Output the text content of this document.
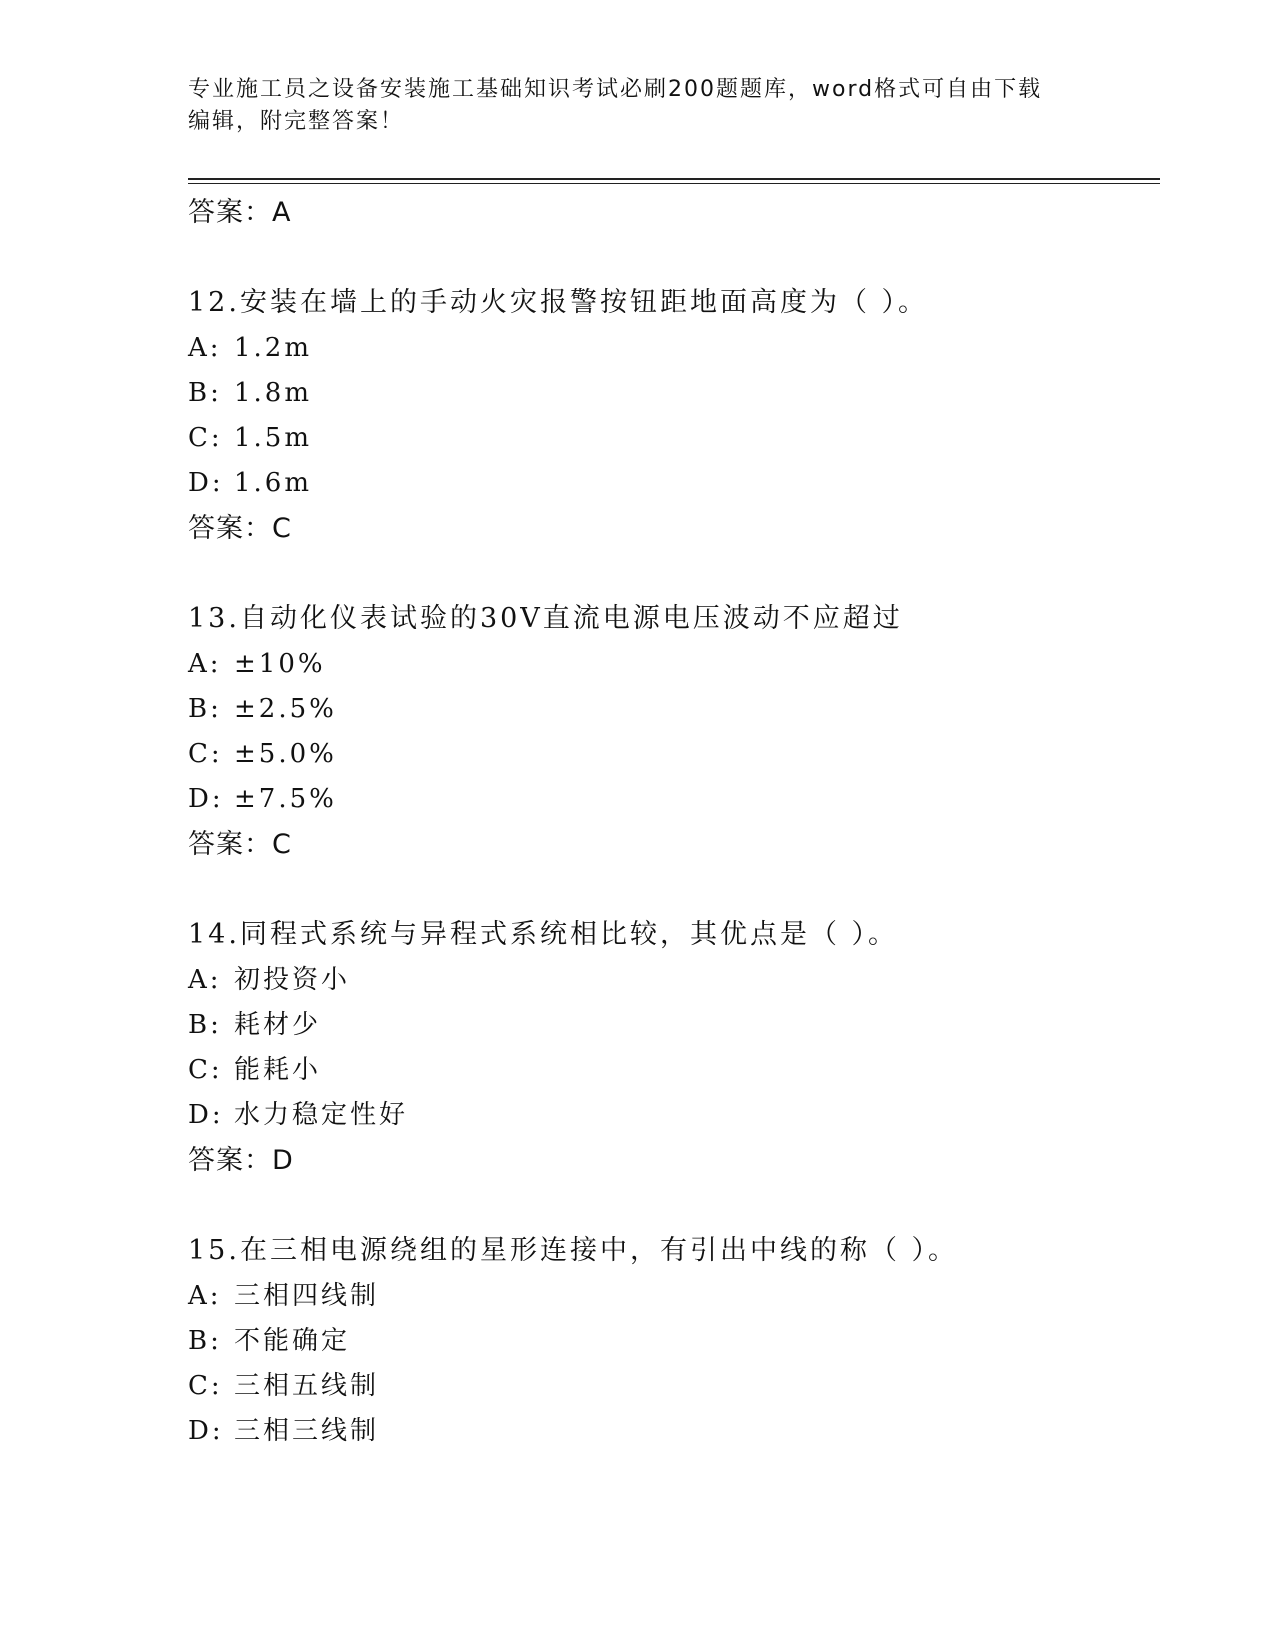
专业施工员之设备安装施工基础知识考试必刷200题题库，word格式可自由下载
编辑，附完整答案！
答案：A
12.安装在墙上的手动火灾报警按钮距地面高度为（ ）。
A: 1.2m
B: 1.8m
C: 1.5m
D: 1.6m
答案：C
13.自动化仪表试验的30V直流电源电压波动不应超过
A: ±10%
B: ±2.5%
C: ±5.0%
D: ±7.5%
答案：C
14.同程式系统与异程式系统相比较，其优点是（ ）。
A: 初投资小
B: 耗材少
C: 能耗小
D: 水力稳定性好
答案：D
15.在三相电源绕组的星形连接中，有引出中线的称（ ）。
A: 三相四线制
B: 不能确定
C: 三相五线制
D: 三相三线制
